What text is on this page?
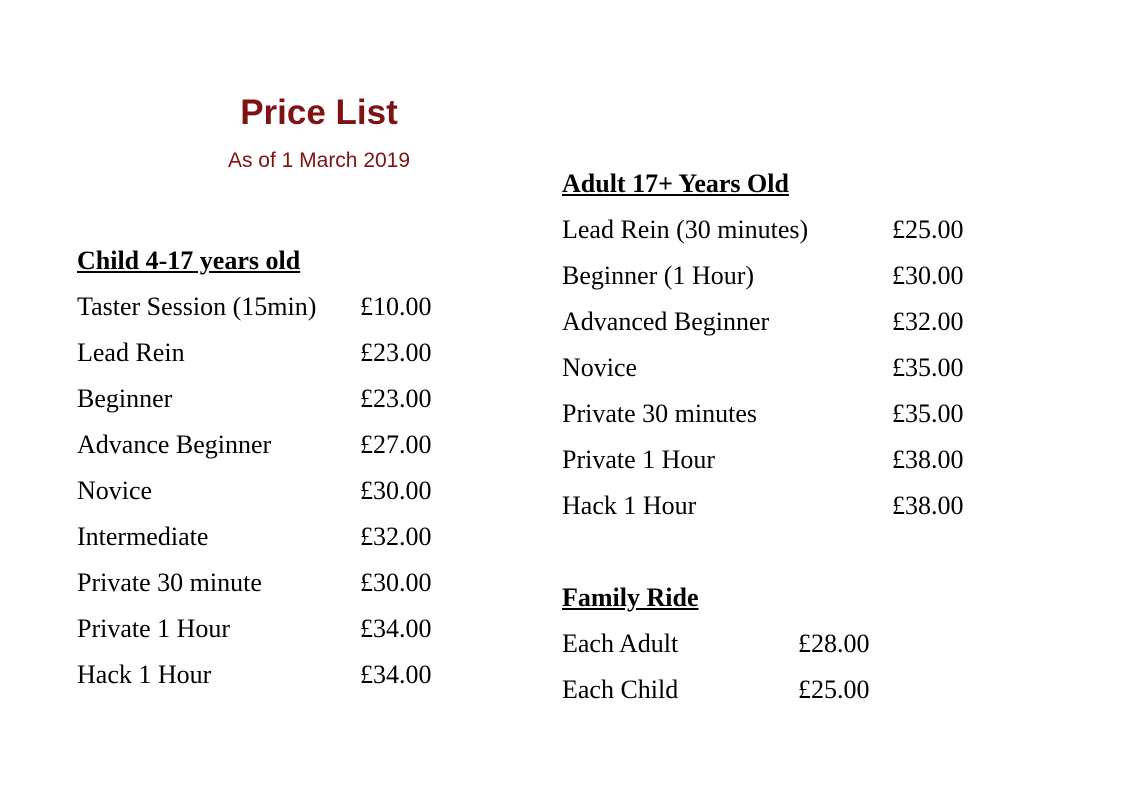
Price List

As of 1 March 2019

Child 4-17 years old
Taster Session (15min)	£10.00
Lead Rein	£23.00
Beginner	£23.00
Advance Beginner	£27.00
Novice	£30.00
Intermediate	£32.00
Private 30 minute	£30.00
Private 1 Hour	£34.00
Hack 1 Hour	£34.00
Adult 17+ Years Old
Lead Rein (30 minutes)	£25.00
Beginner (1 Hour)	£30.00
Advanced Beginner	£32.00
Novice	£35.00
Private 30 minutes	£35.00
Private 1 Hour	£38.00
Hack 1 Hour	£38.00
Family Ride
Each Adult	£28.00
Each Child	£25.00
